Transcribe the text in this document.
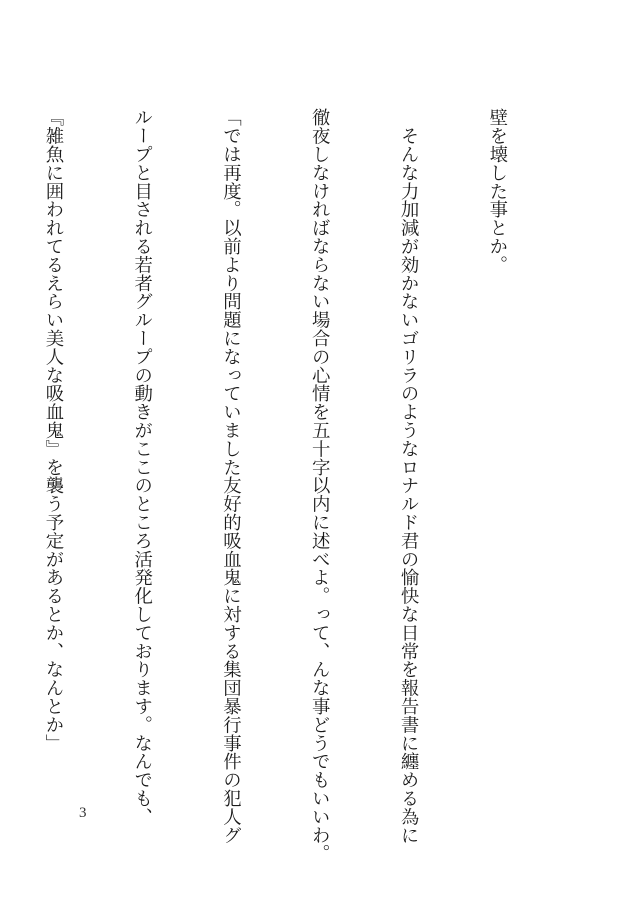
壁を壊した事とか。

　そんな力加減が効かないゴリラのようなロナルド君の愉快な日常を報告書に纏める為に

徹夜しなければならない場合の心情を五十字以内に述べよ。って、んな事どうでもいいわ。

「では再度。以前より問題になっていました友好的吸血鬼に対する集団暴行事件の犯人グ

ループと目される若者グループの動きがここのところ活発化しております。なんでも、

『雑魚に囲われてるえらい美人な吸血鬼』を襲う予定があるとか、なんとか」

3
